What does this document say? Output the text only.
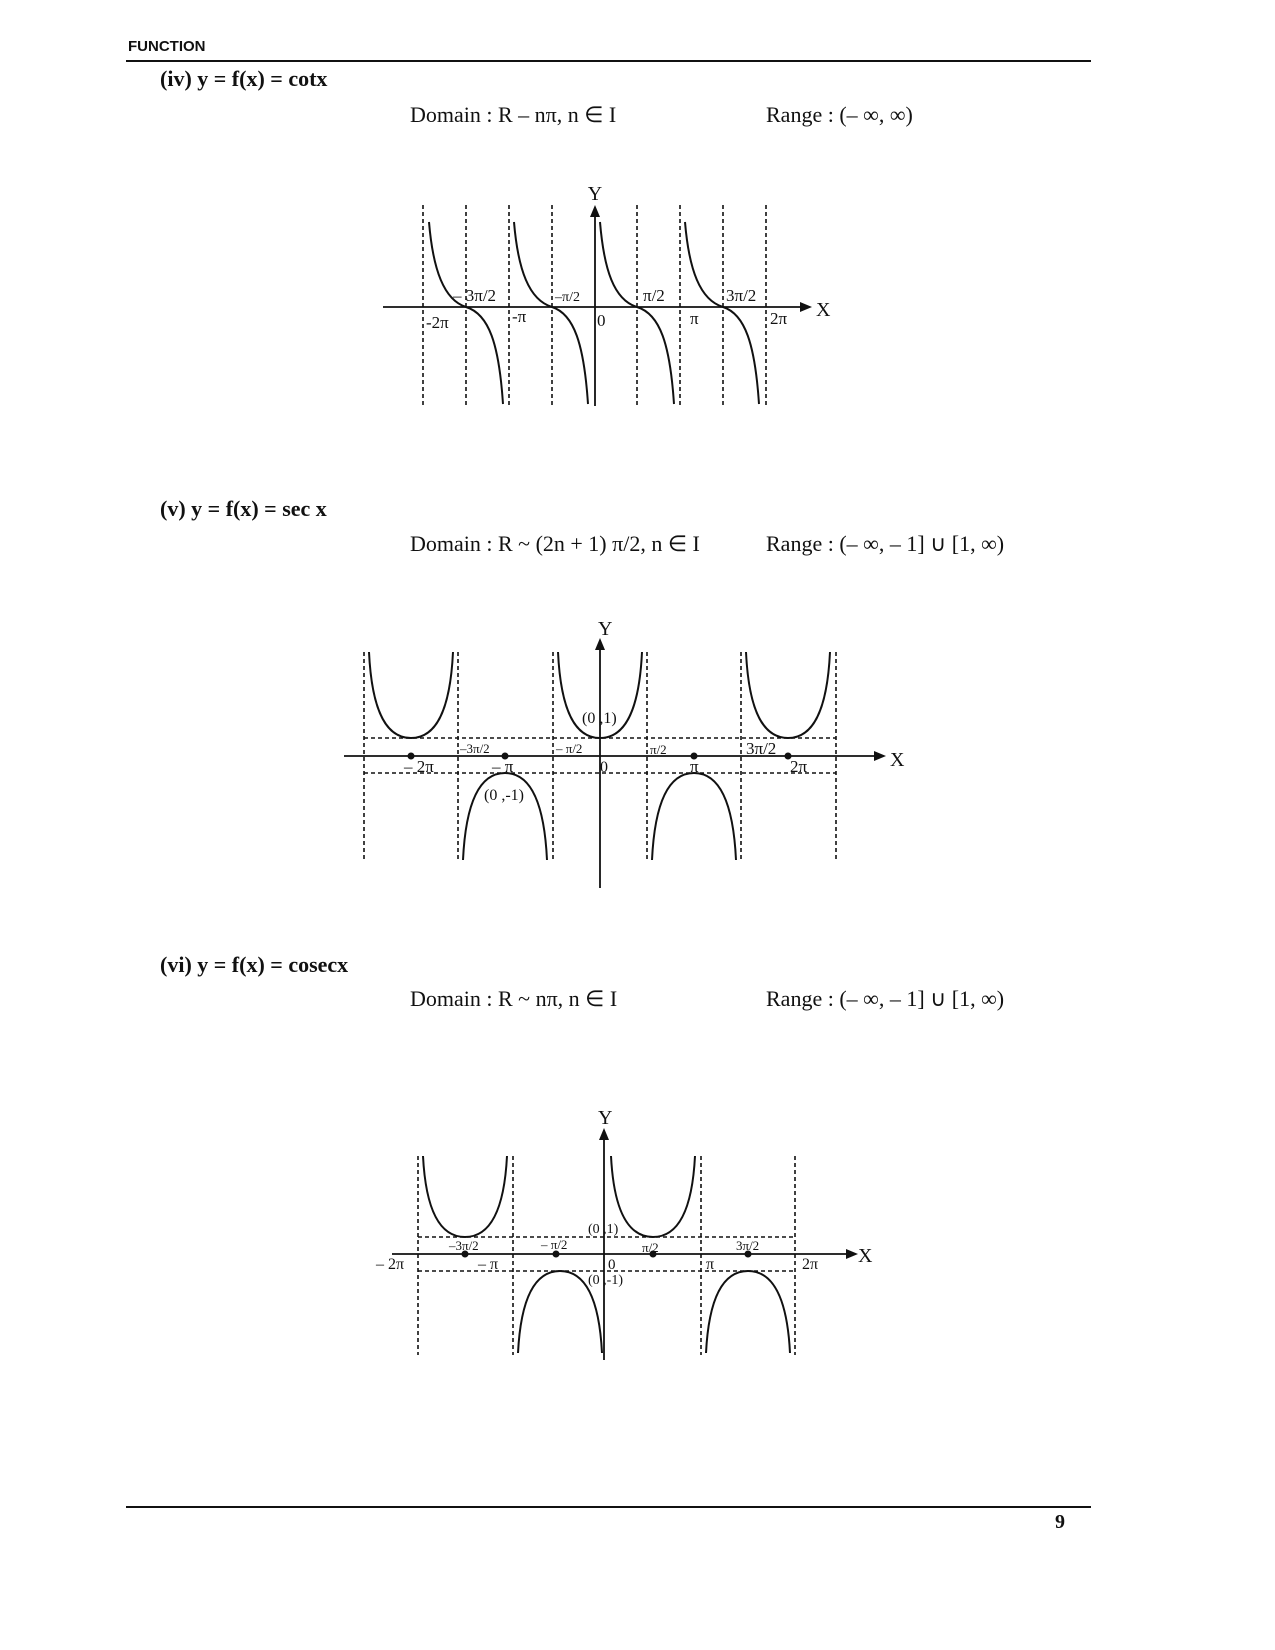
FUNCTION
(iv) y = f(x) = cotx
Domain : R – nπ, n ∈ I	Range : (– ∞, ∞)
Y
X
– 3π/2	–π/2	π/2	3π/2
-2π	-π	0	π	2π
(v) y = f(x) = sec x
Domain : R ~ (2n + 1) π/2, n ∈ I	Range : (– ∞, – 1] ∪ [1, ∞)
Y
X
–3π/2	– π/2	π/2	3π/2
– 2π	– π	0	π	2π
(0 ,1)
(0 ,-1)
(vi) y = f(x) = cosecx
Domain : R ~ nπ, n ∈ I	Range : (– ∞, – 1] ∪ [1, ∞)
Y
X
–3π/2	– π/2	π/2	3π/2
– 2π	– π	0	π	2π
(0 ,1)
(0 ,-1)
9
